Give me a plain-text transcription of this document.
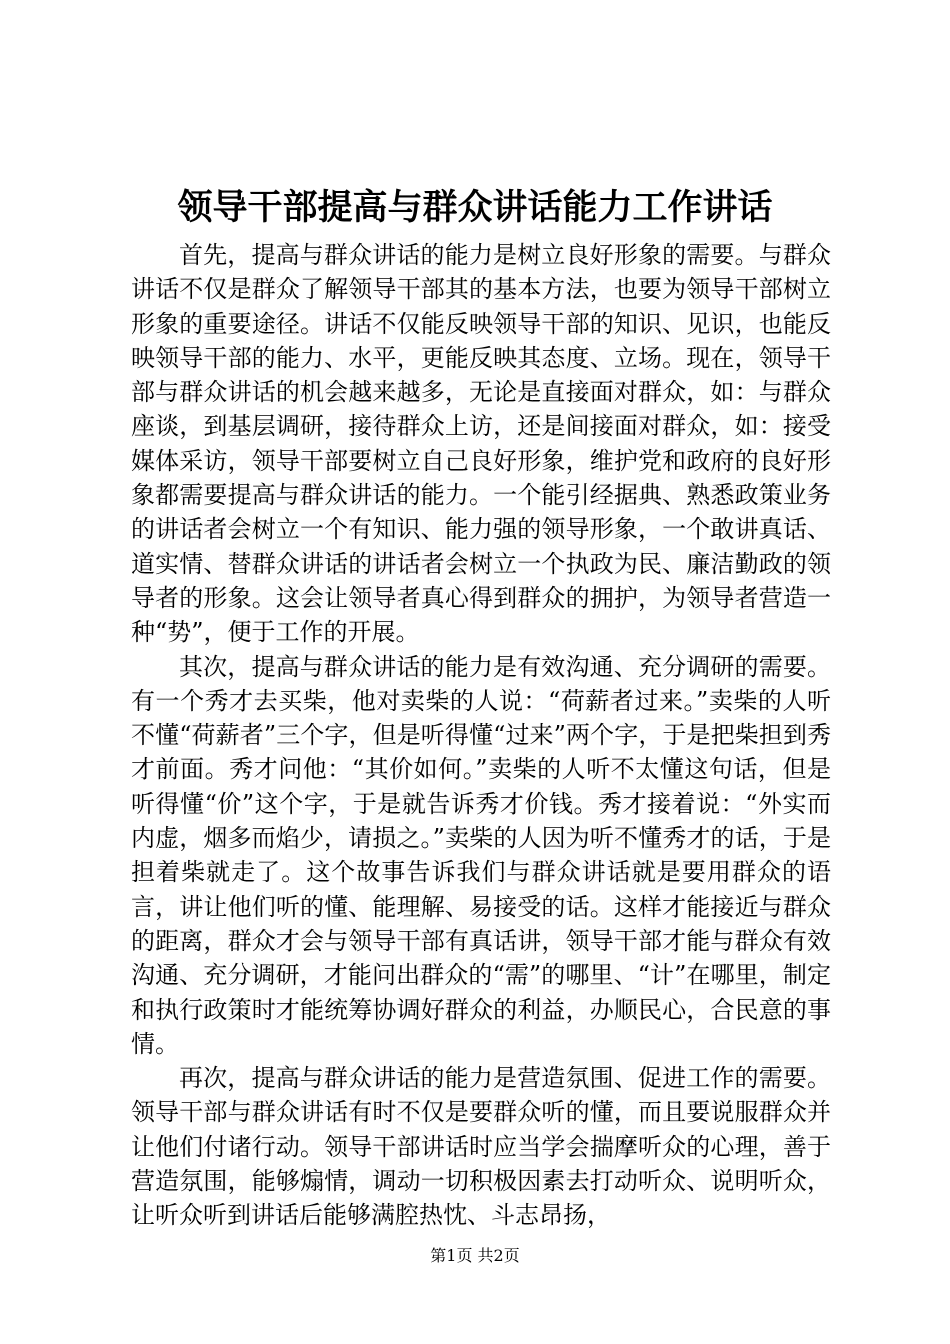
领导干部提高与群众讲话能力工作讲话

首先，提高与群众讲话的能力是树立良好形象的需要。与群众讲话不仅是群众了解领导干部其的基本方法，也要为领导干部树立形象的重要途径。讲话不仅能反映领导干部的知识、见识，也能反映领导干部的能力、水平，更能反映其态度、立场。现在，领导干部与群众讲话的机会越来越多，无论是直接面对群众，如：与群众座谈，到基层调研，接待群众上访，还是间接面对群众，如：接受媒体采访，领导干部要树立自己良好形象，维护党和政府的良好形象都需要提高与群众讲话的能力。一个能引经据典、熟悉政策业务的讲话者会树立一个有知识、能力强的领导形象，一个敢讲真话、道实情、替群众讲话的讲话者会树立一个执政为民、廉洁勤政的领导者的形象。这会让领导者真心得到群众的拥护，为领导者营造一种“势”，便于工作的开展。

其次，提高与群众讲话的能力是有效沟通、充分调研的需要。有一个秀才去买柴，他对卖柴的人说：“荷薪者过来。”卖柴的人听不懂“荷薪者”三个字，但是听得懂“过来”两个字，于是把柴担到秀才前面。秀才问他：“其价如何。”卖柴的人听不太懂这句话，但是听得懂“价”这个字，于是就告诉秀才价钱。秀才接着说：“外实而内虚，烟多而焰少，请损之。”卖柴的人因为听不懂秀才的话，于是担着柴就走了。这个故事告诉我们与群众讲话就是要用群众的语言，讲让他们听的懂、能理解、易接受的话。这样才能接近与群众的距离，群众才会与领导干部有真话讲，领导干部才能与群众有效沟通、充分调研，才能问出群众的“需”的哪里、“计”在哪里，制定和执行政策时才能统筹协调好群众的利益，办顺民心，合民意的事情。

再次，提高与群众讲话的能力是营造氛围、促进工作的需要。领导干部与群众讲话有时不仅是要群众听的懂，而且要说服群众并让他们付诸行动。领导干部讲话时应当学会揣摩听众的心理，善于营造氛围，能够煽情，调动一切积极因素去打动听众、说明听众，让听众听到讲话后能够满腔热忱、斗志昂扬，

第1页 共2页
